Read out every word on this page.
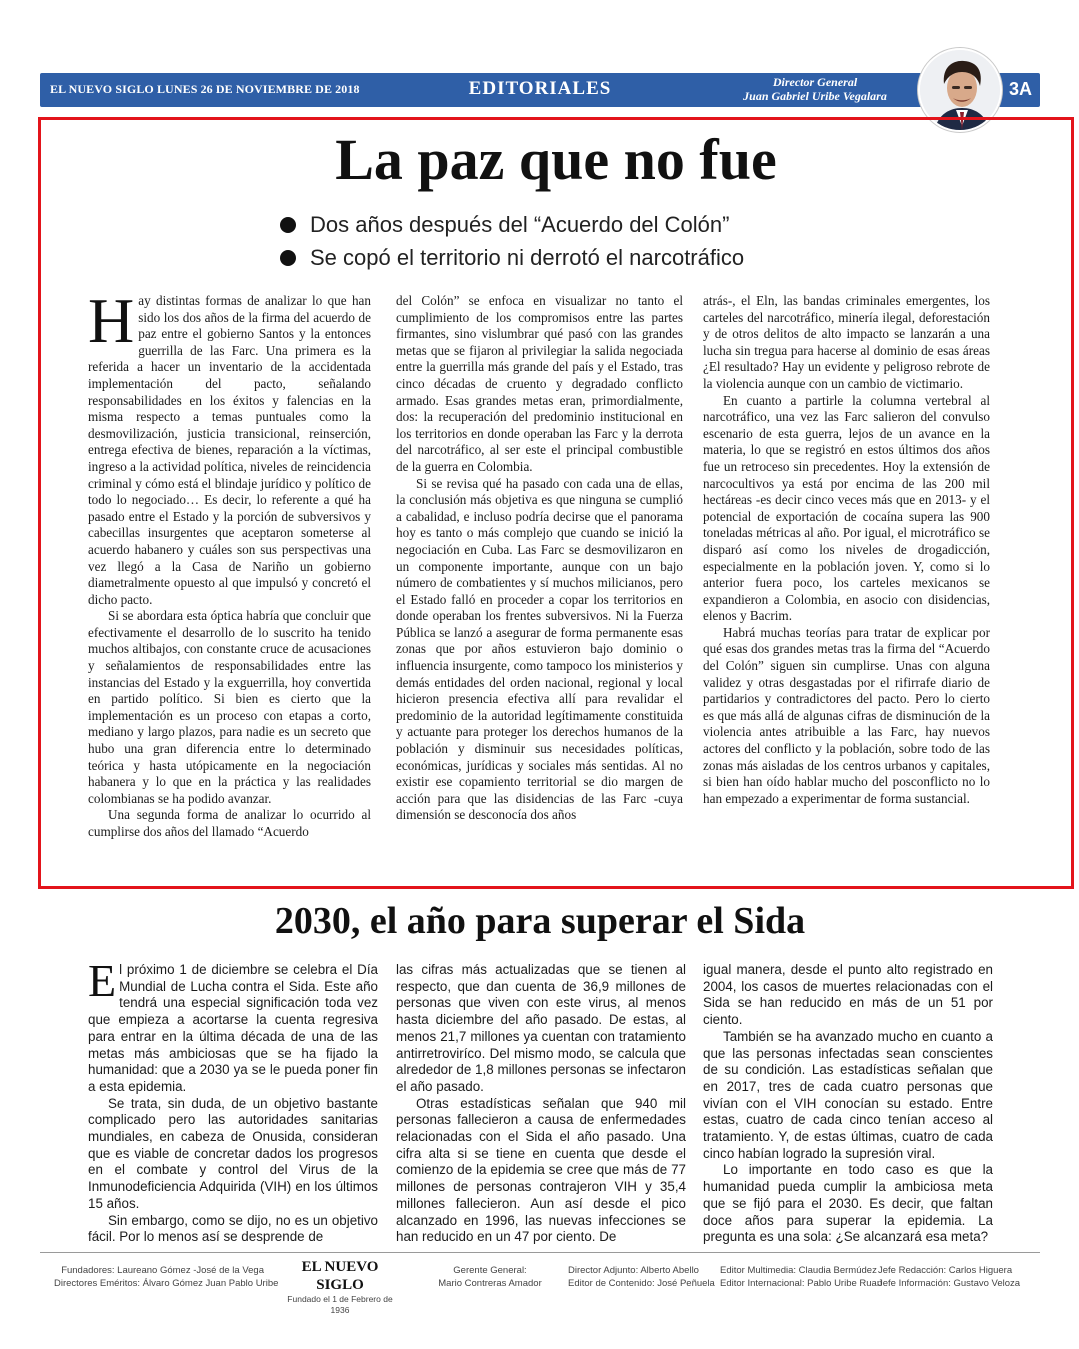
EL NUEVO SIGLO LUNES 26 DE NOVIEMBRE DE 2018	EDITORIALES	Director General
Juan Gabriel Uribe Vegalara	3A
La paz que no fue
Dos años después del “Acuerdo del Colón”
Se copó el territorio ni derrotó el narcotráfico

Hay distintas formas de analizar lo que han sido los dos años de la firma del acuerdo de paz entre el gobierno Santos y la entonces guerrilla de las Farc. Una primera es la referida a hacer un inventario de la accidentada implementación del pacto, señalando responsabilidades en los éxitos y falencias en la misma respecto a temas puntuales como la desmovilización, justicia transicional, reinserción, entrega efectiva de bienes, reparación a la víctimas, ingreso a la actividad política, niveles de reincidencia criminal y cómo está el blindaje jurídico y político de todo lo negociado… Es decir, lo referente a qué ha pasado entre el Estado y la porción de subversivos y cabecillas insurgentes que aceptaron someterse al acuerdo habanero y cuáles son sus perspectivas una vez llegó a la Casa de Nariño un gobierno diametralmente opuesto al que impulsó y concretó el dicho pacto.

Si se abordara esta óptica habría que concluir que efectivamente el desarrollo de lo suscrito ha tenido muchos altibajos, con constante cruce de acusaciones y señalamientos de responsabilidades entre las instancias del Estado y la exguerrilla, hoy convertida en partido político. Si bien es cierto que la implementación es un proceso con etapas a corto, mediano y largo plazos, para nadie es un secreto que hubo una gran diferencia entre lo determinado teórica y hasta utópicamente en la negociación habanera y lo que en la práctica y las realidades colombianas se ha podido avanzar.

Una segunda forma de analizar lo ocurrido al cumplirse dos años del llamado “Acuerdo

del Colón” se enfoca en visualizar no tanto el cumplimiento de los compromisos entre las partes firmantes, sino vislumbrar qué pasó con las grandes metas que se fijaron al privilegiar la salida negociada entre la guerrilla más grande del país y el Estado, tras cinco décadas de cruento y degradado conflicto armado. Esas grandes metas eran, primordialmente, dos: la recuperación del predominio institucional en los territorios en donde operaban las Farc y la derrota del narcotráfico, al ser este el principal combustible de la guerra en Colombia.

Si se revisa qué ha pasado con cada una de ellas, la conclusión más objetiva es que ninguna se cumplió a cabalidad, e incluso podría decirse que el panorama hoy es tanto o más complejo que cuando se inició la negociación en Cuba. Las Farc se desmovilizaron en un componente importante, aunque con un bajo número de combatientes y sí muchos milicianos, pero el Estado falló en proceder a copar los territorios en donde operaban los frentes subversivos. Ni la Fuerza Pública se lanzó a asegurar de forma permanente esas zonas que por años estuvieron bajo dominio o influencia insurgente, como tampoco los ministerios y demás entidades del orden nacional, regional y local hicieron presencia efectiva allí para revalidar el predominio de la autoridad legítimamente constituida y actuante para proteger los derechos humanos de la población y disminuir sus necesidades políticas, económicas, jurídicas y sociales más sentidas. Al no existir ese copamiento territorial se dio margen de acción para que las disidencias de las Farc -cuya dimensión se desconocía dos años

atrás-, el Eln, las bandas criminales emergentes, los carteles del narcotráfico, minería ilegal, deforestación y de otros delitos de alto impacto se lanzarán a una lucha sin tregua para hacerse al dominio de esas áreas ¿El resultado? Hay un evidente y peligroso rebrote de la violencia aunque con un cambio de victimario.

En cuanto a partirle la columna vertebral al narcotráfico, una vez las Farc salieron del convulso escenario de esta guerra, lejos de un avance en la materia, lo que se registró en estos últimos dos años fue un retroceso sin precedentes. Hoy la extensión de narcocultivos ya está por encima de las 200 mil hectáreas -es decir cinco veces más que en 2013- y el potencial de exportación de cocaína supera las 900 toneladas métricas al año. Por igual, el microtráfico se disparó así como los niveles de drogadicción, especialmente en la población joven. Y, como si lo anterior fuera poco, los carteles mexicanos se expandieron a Colombia, en asocio con disidencias, elenos y Bacrim.

Habrá muchas teorías para tratar de explicar por qué esas dos grandes metas tras la firma del “Acuerdo del Colón” siguen sin cumplirse. Unas con alguna validez y otras desgastadas por el rifirrafe diario de partidarios y contradictores del pacto. Pero lo cierto es que más allá de algunas cifras de disminución de la violencia antes atribuible a las Farc, hay nuevos actores del conflicto y la población, sobre todo de las zonas más aisladas de los centros urbanos y capitales, si bien han oído hablar mucho del posconflicto no lo han empezado a experimentar de forma sustancial.

2030, el año para superar el Sida

El próximo 1 de diciembre se celebra el Día Mundial de Lucha contra el Sida. Este año tendrá una especial significación toda vez que empieza a acortarse la cuenta regresiva para entrar en la última década de una de las metas más ambiciosas que se ha fijado la humanidad: que a 2030 ya se le pueda poner fin a esta epidemia.

Se trata, sin duda, de un objetivo bastante complicado pero las autoridades sanitarias mundiales, en cabeza de Onusida, consideran que es viable de concretar dados los progresos en el combate y control del Virus de la Inmunodeficiencia Adquirida (VIH) en los últimos 15 años.

Sin embargo, como se dijo, no es un objetivo fácil. Por lo menos así se desprende de

las cifras más actualizadas que se tienen al respecto, que dan cuenta de 36,9 millones de personas que viven con este virus, al menos hasta diciembre del año pasado. De estas, al menos 21,7 millones ya cuentan con tratamiento antirretroviríco. Del mismo modo, se calcula que alrededor de 1,8 millones personas se infectaron el año pasado.

Otras estadísticas señalan que 940 mil personas fallecieron a causa de enfermedades relacionadas con el Sida el año pasado. Una cifra alta si se tiene en cuenta que desde el comienzo de la epidemia se cree que más de 77 millones de personas contrajeron VIH y 35,4 millones fallecieron. Aun así desde el pico alcanzado en 1996, las nuevas infecciones se han reducido en un 47 por ciento. De

igual manera, desde el punto alto registrado en 2004, los casos de muertes relacionadas con el Sida se han reducido en más de un 51 por ciento.

También se ha avanzado mucho en cuanto a que las personas infectadas sean conscientes de su condición. Las estadísticas señalan que en 2017, tres de cada cuatro personas que vivían con el VIH conocían su estado. Entre estas, cuatro de cada cinco tenían acceso al tratamiento. Y, de estas últimas, cuatro de cada cinco habían logrado la supresión viral.

Lo importante en todo caso es que la humanidad pueda cumplir la ambiciosa meta que se fijó para el 2030. Es decir, que faltan doce años para superar la epidemia. La pregunta es una sola: ¿Se alcanzará esa meta?

Fundadores: Laureano Gómez -José de la Vega
Directores Eméritos: Álvaro Gómez Juan Pablo Uribe
EL NUEVO SIGLO
Fundado el 1 de Febrero de 1936
Gerente General:
Mario Contreras Amador
Director Adjunto: Alberto Abello
Editor de Contenido: José Peñuela
Editor Multimedia: Claudia Bermúdez
Editor Internacional: Pablo Uribe Ruan
Jefe Redacción: Carlos Higuera
Jefe Información: Gustavo Veloza
